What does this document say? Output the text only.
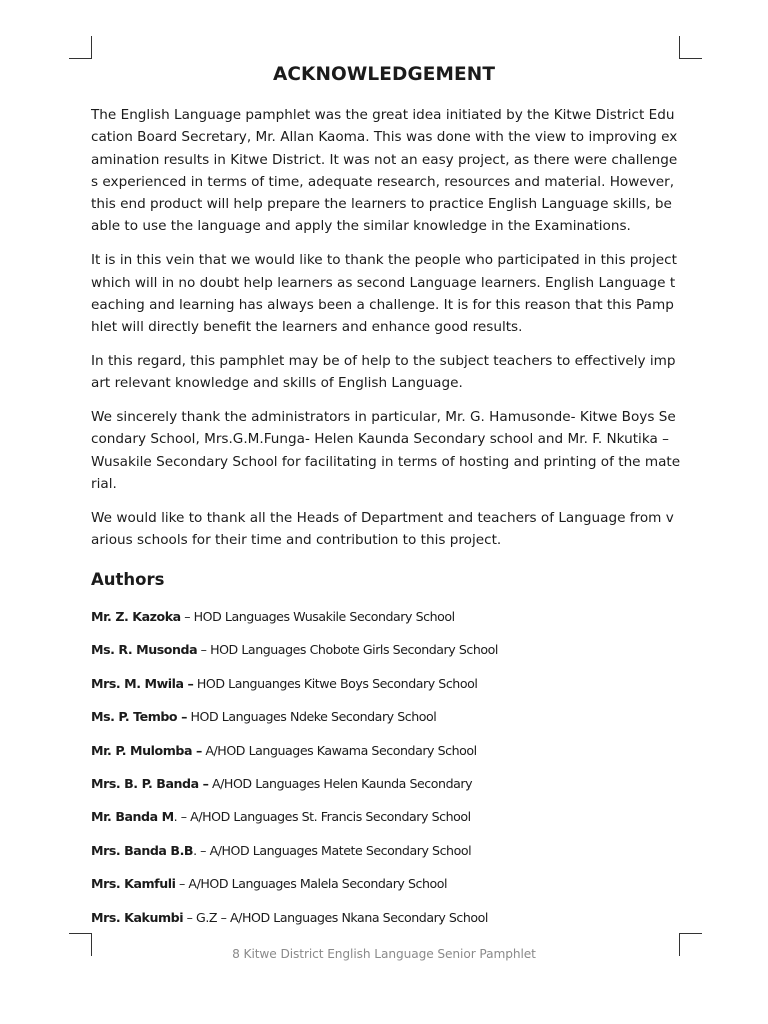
ACKNOWLEDGEMENT

The English Language pamphlet was the great idea initiated by the Kitwe District Education Board Secretary, Mr. Allan Kaoma. This was done with the view to improving examination results in Kitwe District. It was not an easy project, as there were challenges experienced in terms of time, adequate research, resources and material. However, this end product will help prepare the learners to practice English Language skills, be able to use the language and apply the similar knowledge in the Examinations.

It is in this vein that we would like to thank the people who participated in this project which will in no doubt help learners as second Language learners. English Language teaching and learning has always been a challenge. It is for this reason that this Pamphlet will directly benefit the learners and enhance good results.

In this regard, this pamphlet may be of help to the subject teachers to effectively impart relevant knowledge and skills of English Language.

We sincerely thank the administrators in particular, Mr. G. Hamusonde- Kitwe Boys Secondary School, Mrs.G.M.Funga- Helen Kaunda Secondary school and Mr. F. Nkutika – Wusakile Secondary School for facilitating in terms of hosting and printing of the material.

We would like to thank all the Heads of Department and teachers of Language from various schools for their time and contribution to this project.

Authors
Mr. Z. Kazoka – HOD Languages Wusakile Secondary School
Ms. R. Musonda – HOD Languages Chobote Girls Secondary School
Mrs. M. Mwila – HOD Languanges Kitwe Boys Secondary School
Ms. P. Tembo – HOD Languages Ndeke Secondary School
Mr. P. Mulomba – A/HOD Languages Kawama Secondary School
Mrs. B. P. Banda – A/HOD Languages Helen Kaunda Secondary
Mr. Banda M. – A/HOD Languages St. Francis Secondary School
Mrs. Banda B.B. – A/HOD Languages Matete Secondary School
Mrs. Kamfuli – A/HOD Languages Malela Secondary School
Mrs. Kakumbi – G.Z – A/HOD Languages Nkana Secondary School
8 Kitwe District English Language Senior Pamphlet
